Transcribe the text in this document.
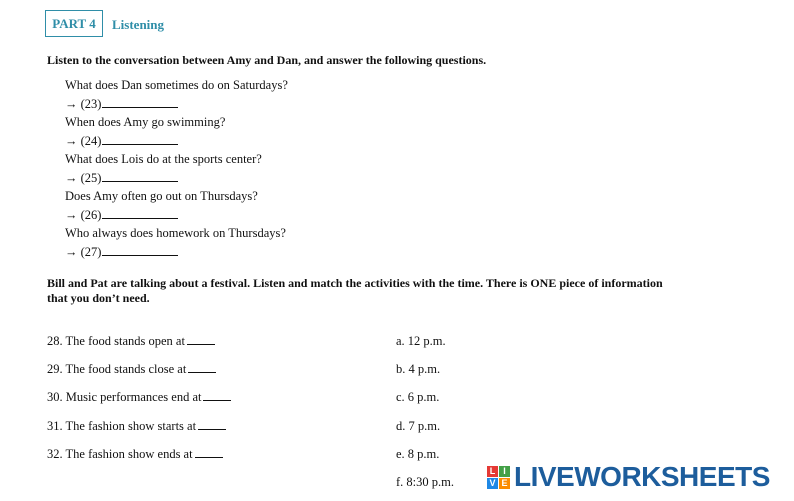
PART 4 Listening
Listen to the conversation between Amy and Dan, and answer the following questions.
What does Dan sometimes do on Saturdays?
→ (23)
When does Amy go swimming?
→ (24)
What does Lois do at the sports center?
→ (25)
Does Amy often go out on Thursdays?
→ (26)
Who always does homework on Thursdays?
→ (27)
Bill and Pat are talking about a festival. Listen and match the activities with the time. There is ONE piece of information
that you don’t need.
28. The food stands open at
29. The food stands close at
30. Music performances end at
31. The fashion show starts at
32. The fashion show ends at
a. 12 p.m.
b. 4 p.m.
c. 6 p.m.
d. 7 p.m.
e. 8 p.m.
f. 8:30 p.m.
L I
V E LIVEWORKSHEETS
